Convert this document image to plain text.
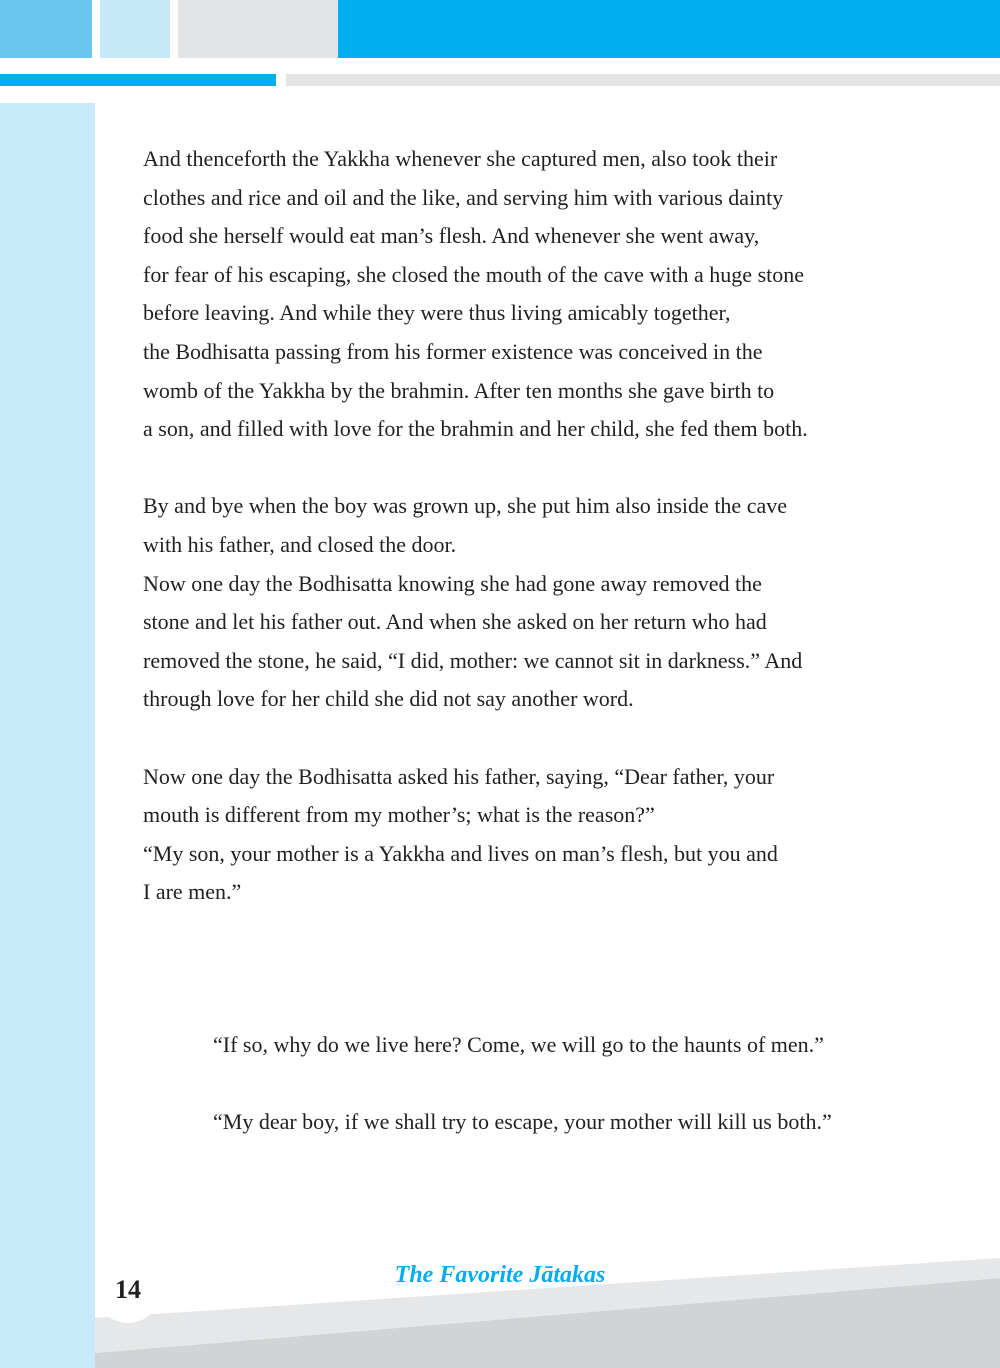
And thenceforth the Yakkha whenever she captured men, also took their
clothes and rice and oil and the like, and serving him with various dainty
food she herself would eat man’s flesh. And whenever she went away,
for fear of his escaping, she closed the mouth of the cave with a huge stone
before leaving. And while they were thus living amicably together,
the Bodhisatta passing from his former existence was conceived in the
womb of the Yakkha by the brahmin. After ten months she gave birth to
a son, and filled with love for the brahmin and her child, she fed them both.

By and bye when the boy was grown up, she put him also inside the cave
with his father, and closed the door.
Now one day the Bodhisatta knowing she had gone away removed the
stone and let his father out. And when she asked on her return who had
removed the stone, he said, “I did, mother: we cannot sit in darkness.” And
through love for her child she did not say another word.

Now one day the Bodhisatta asked his father, saying, “Dear father, your
mouth is different from my mother’s; what is the reason?”
“My son, your mother is a Yakkha and lives on man’s flesh, but you and
I are men.”

“If so, why do we live here? Come, we will go to the haunts of men.”

“My dear boy, if we shall try to escape, your mother will kill us both.”

14	The Favorite Jātakas
